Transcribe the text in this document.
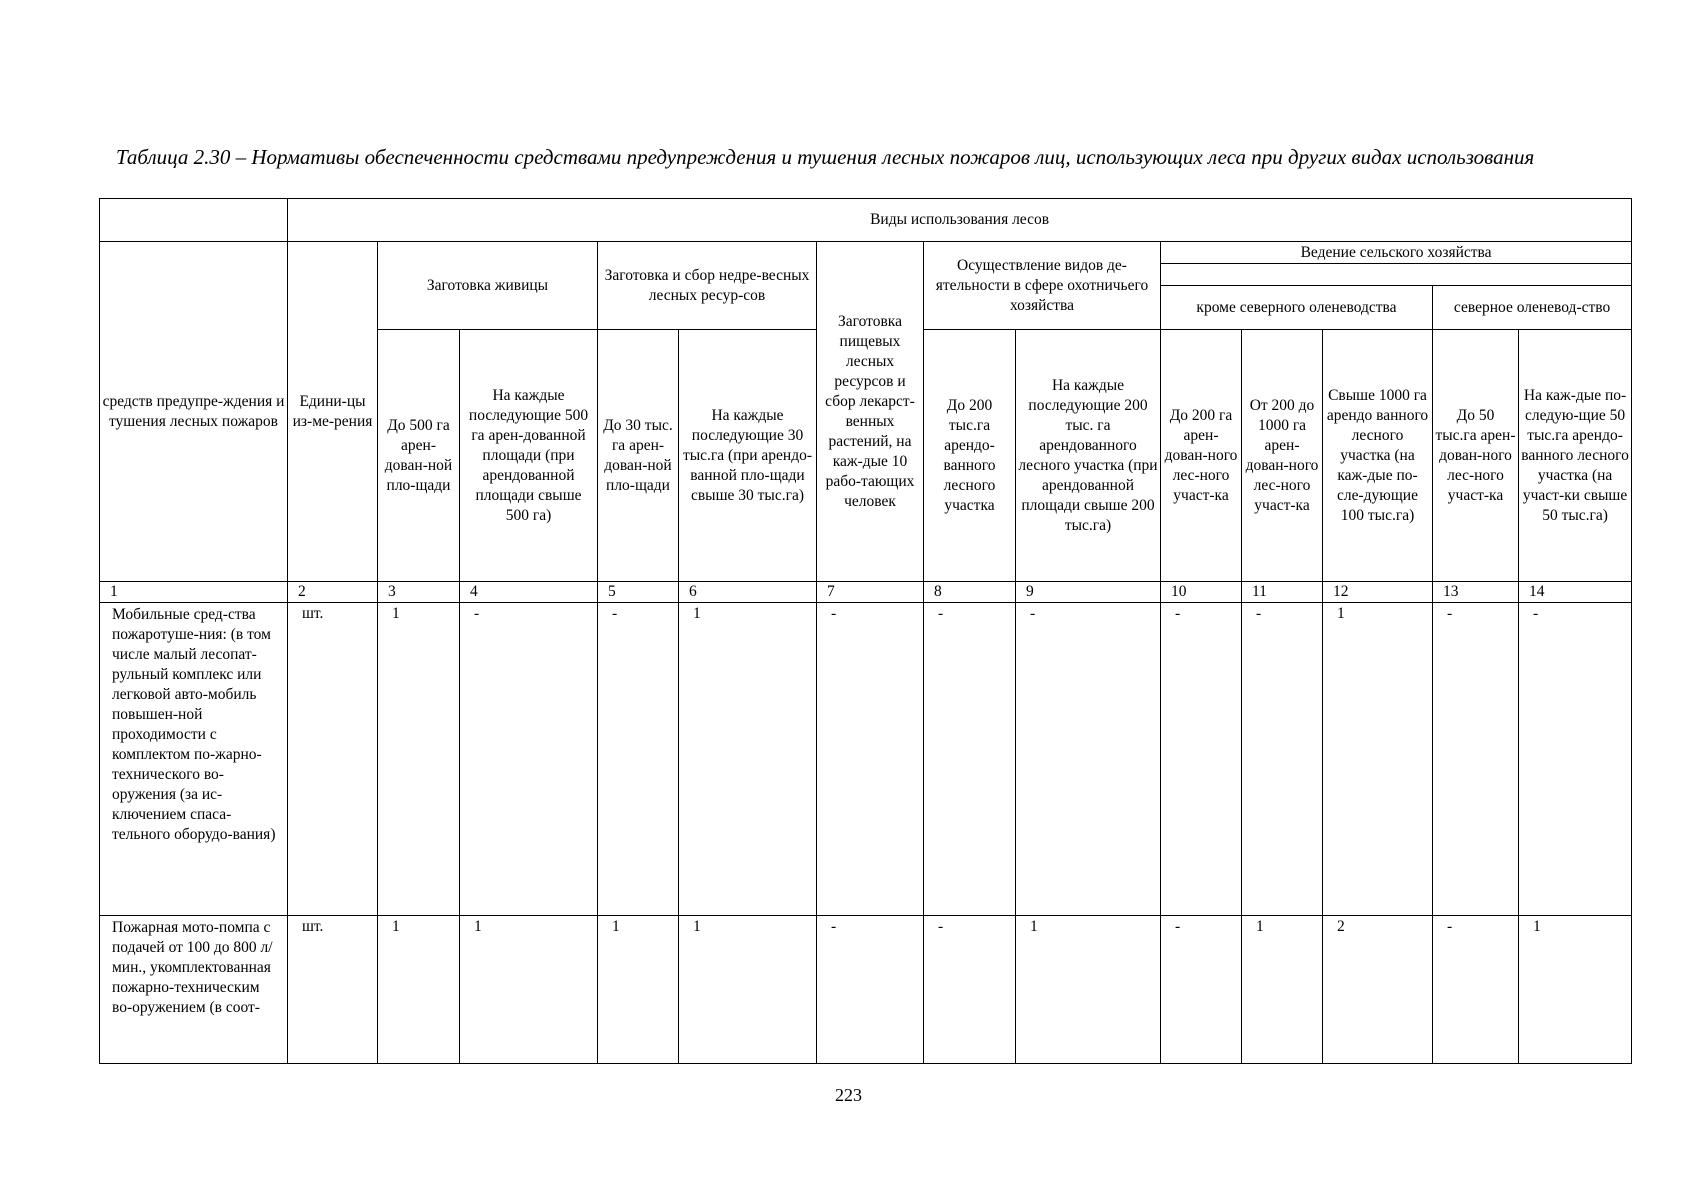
Таблица 2.30 – Нормативы обеспеченности средствами предупреждения и тушения лесных пожаров лиц, использующих леса при других видах использования
	Виды использования лесов												
средств предупре-ждения и тушения лесных пожаров	Едини-цы из-ме-рения	Заготовка живицы		Заготовка и сбор недре-весных лесных ресур-сов		Заготовка пищевых лесных ресурсов и сбор лекарст-венных растений, на каж-дые 10 рабо-тающих человек	Осуществление видов де-ятельности в сфере охотничьего хозяйства		Ведение сельского хозяйства				

									кроме северного оленеводства			северное оленевод-ство	
		До 500 га арен-дован-ной пло-щади	На каждые последующие 500 га арен-дованной площади (при арендованной площади свыше 500 га)	До 30 тыс. га арен-дован-ной пло-щади	На каждые последующие 30 тыс.га (при арендо-ванной пло-щади свыше 30 тыс.га)		До 200 тыс.га арендо-ванного лесного участка	На каждые последующие 200 тыс. га арендованного лесного участка (при арендованной площади свыше 200 тыс.га)	До 200 га арен-дован-ного лес-ного участ-ка	От 200 до 1000 га арен-дован-ного лес-ного участ-ка	Свыше 1000 га арендо ванного лесного участка (на каж-дые по-сле-дующие 100 тыс.га)	До 50 тыс.га арен-дован-ного лес-ного участ-ка	На каж-дые по-следую-щие 50 тыс.га арендо-ванного лесного участка (на участ-ки свыше 50 тыс.га)
1	2	3	4	5	6	7	8	9	10	11	12	13	14
Мобильные сред-ства пожаротуше-ния: (в том числе малый лесопат-рульный комплекс или легковой авто-мобиль повышен-ной проходимости с комплектом по-жарно-технического во-оружения (за ис-ключением спаса-тельного оборудо-вания)	шт.	1	-	-	1	-	-	-	-	-	1	-	-
Пожарная мото-помпа с подачей от 100 до 800 л/мин., укомплектованная пожарно-техническим во-оружением (в соот-	шт.	1	1	1	1	-	-	1	-	1	2	-	1
223
